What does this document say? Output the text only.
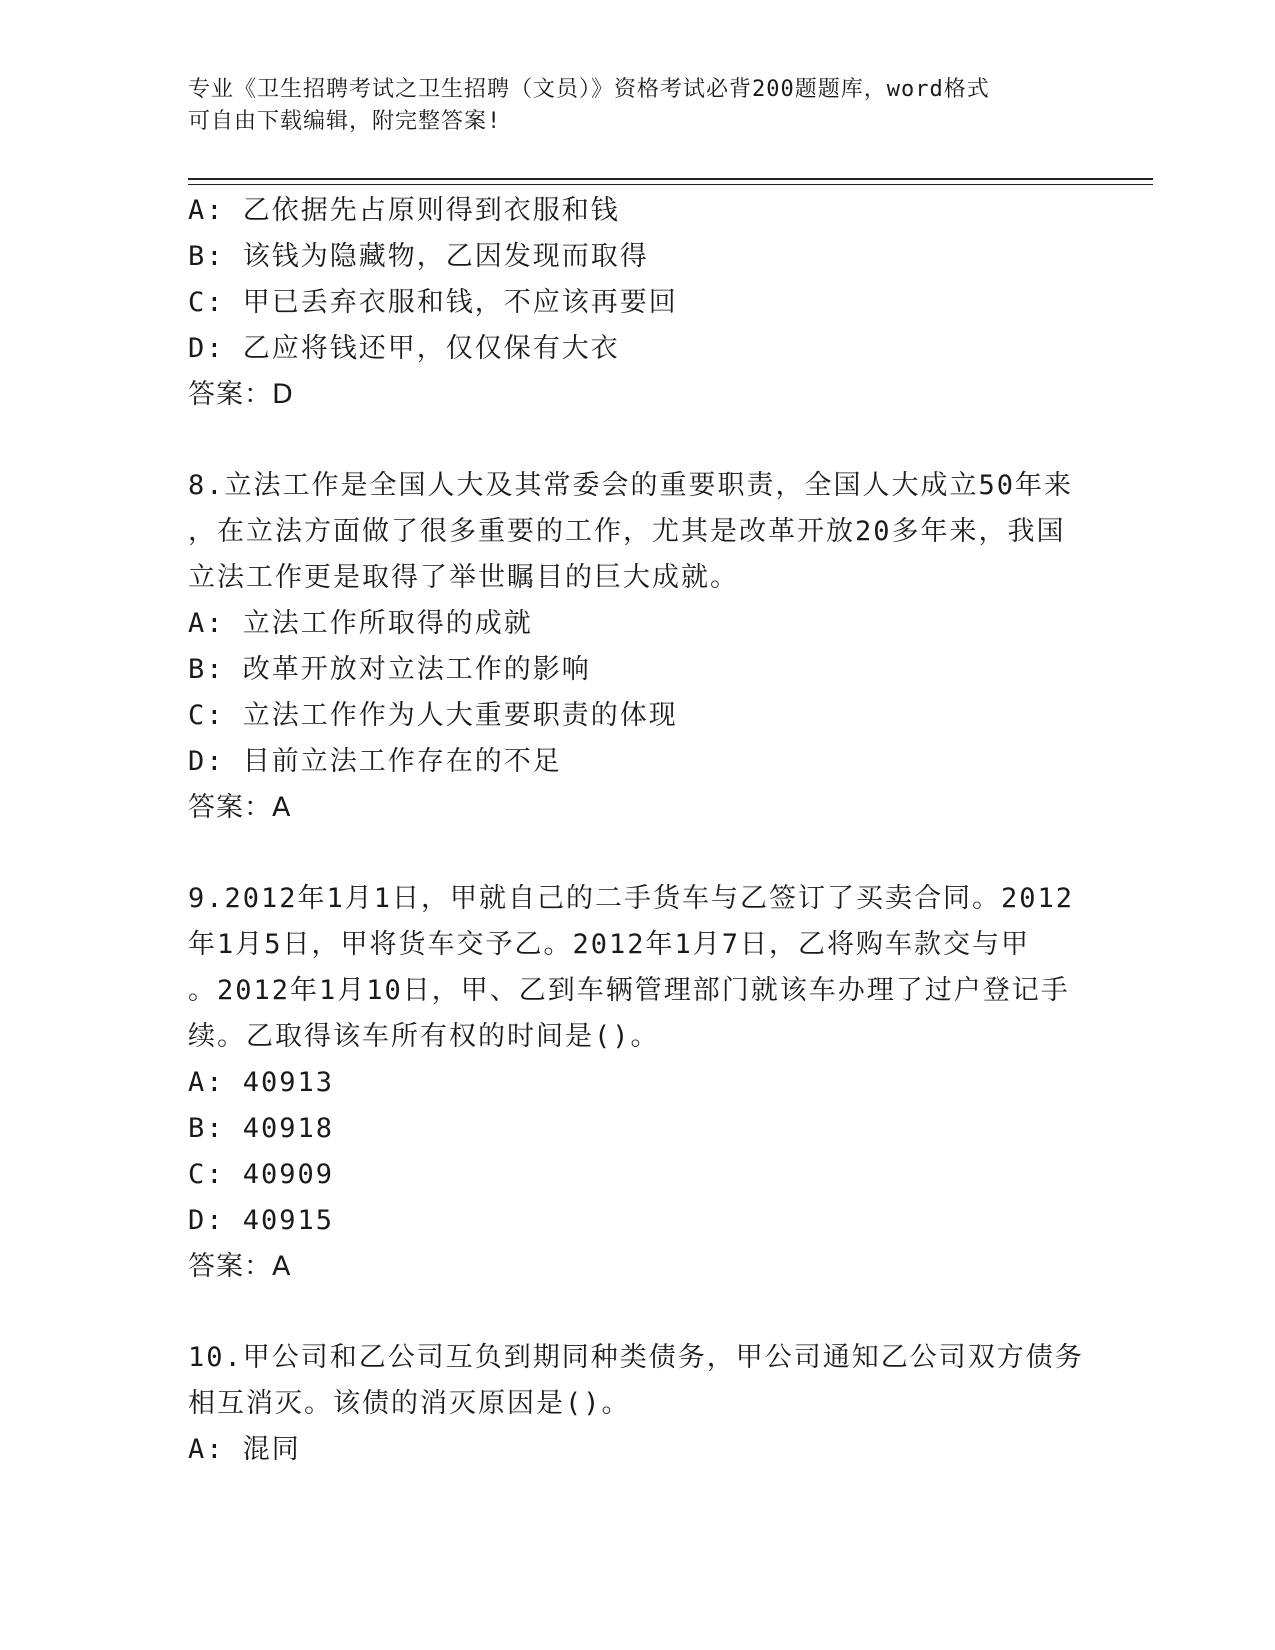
专业《卫生招聘考试之卫生招聘（文员）》资格考试必背200题题库，word格式
可自由下载编辑，附完整答案!
A: 乙依据先占原则得到衣服和钱
B: 该钱为隐藏物，乙因发现而取得
C: 甲已丢弃衣服和钱，不应该再要回
D: 乙应将钱还甲，仅仅保有大衣
答案：D
8.立法工作是全国人大及其常委会的重要职责，全国人大成立50年来
，在立法方面做了很多重要的工作，尤其是改革开放20多年来，我国
立法工作更是取得了举世瞩目的巨大成就。
A: 立法工作所取得的成就
B: 改革开放对立法工作的影响
C: 立法工作作为人大重要职责的体现
D: 目前立法工作存在的不足
答案：A
9.2012年1月1日，甲就自己的二手货车与乙签订了买卖合同。2012
年1月5日，甲将货车交予乙。2012年1月7日，乙将购车款交与甲
。2012年1月10日，甲、乙到车辆管理部门就该车办理了过户登记手
续。乙取得该车所有权的时间是()。
A: 40913
B: 40918
C: 40909
D: 40915
答案：A
10.甲公司和乙公司互负到期同种类债务，甲公司通知乙公司双方债务
相互消灭。该债的消灭原因是()。
A: 混同
